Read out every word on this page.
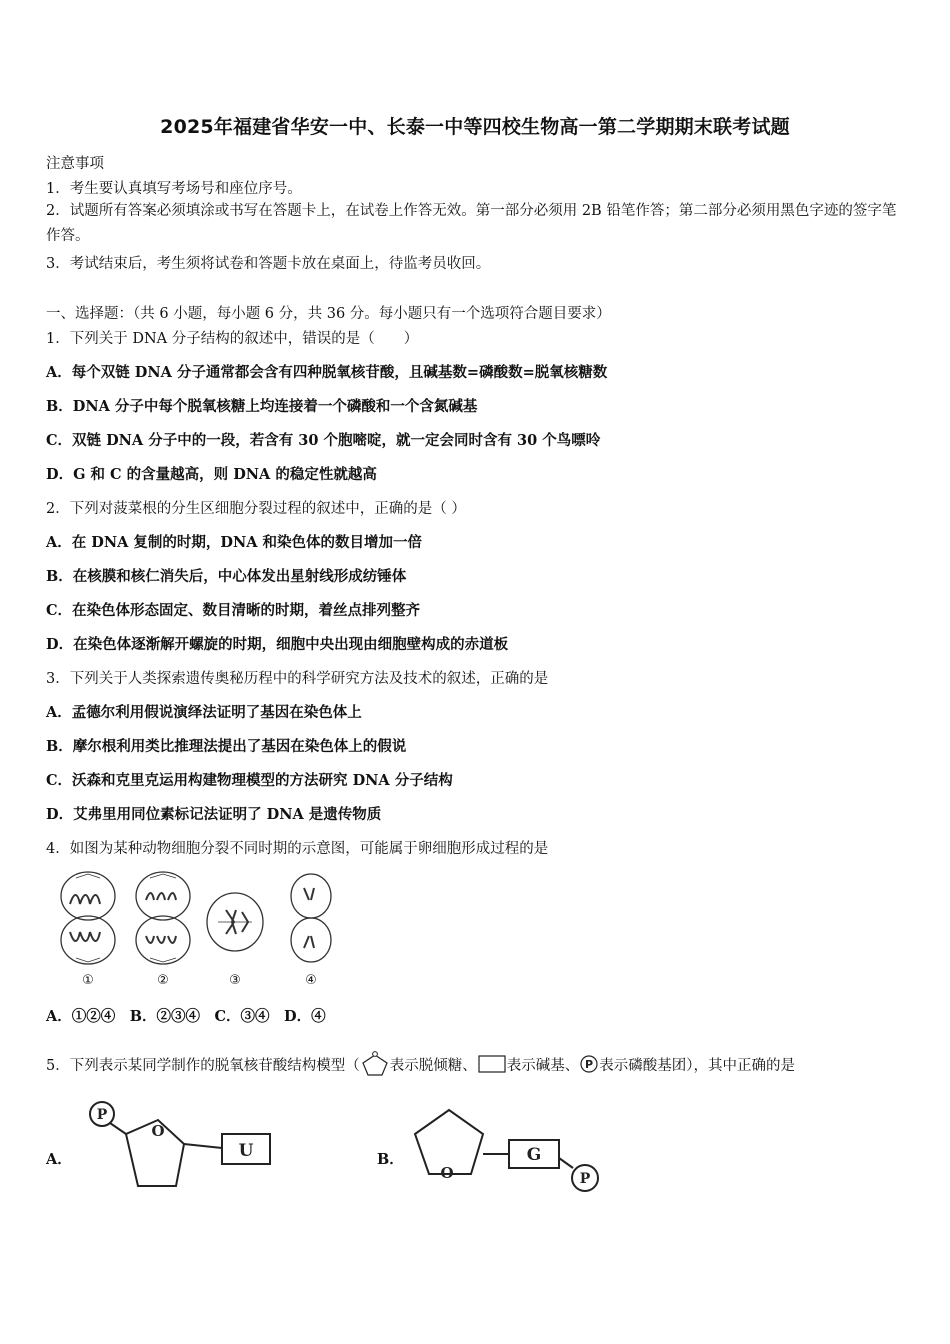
2025年福建省华安一中、长泰一中等四校生物高一第二学期期末联考试题
注意事项
1．考生要认真填写考场号和座位序号。
2．试题所有答案必须填涂或书写在答题卡上，在试卷上作答无效。第一部分必须用 2B 铅笔作答；第二部分必须用黑色字迹的签字笔作答。
3．考试结束后，考生须将试卷和答题卡放在桌面上，待监考员收回。
一、选择题：（共 6 小题，每小题 6 分，共 36 分。每小题只有一个选项符合题目要求）
1．下列关于 DNA 分子结构的叙述中，错误的是（　　）
A．每个双链 DNA 分子通常都会含有四种脱氧核苷酸，且碱基数=磷酸数=脱氧核糖数
B．DNA 分子中每个脱氧核糖上均连接着一个磷酸和一个含氮碱基
C．双链 DNA 分子中的一段，若含有 30 个胞嘧啶，就一定会同时含有 30 个鸟嘌呤
D．G 和 C 的含量越高，则 DNA 的稳定性就越高
2．下列对菠菜根的分生区细胞分裂过程的叙述中，正确的是（ ）
A．在 DNA 复制的时期，DNA 和染色体的数目增加一倍
B．在核膜和核仁消失后，中心体发出星射线形成纺锤体
C．在染色体形态固定、数目清晰的时期，着丝点排列整齐
D．在染色体逐渐解开螺旋的时期，细胞中央出现由细胞壁构成的赤道板
3．下列关于人类探索遗传奥秘历程中的科学研究方法及技术的叙述，正确的是
A．孟德尔利用假说演绎法证明了基因在染色体上
B．摩尔根利用类比推理法提出了基因在染色体上的假说
C．沃森和克里克运用构建物理模型的方法研究 DNA 分子结构
D．艾弗里用同位素标记法证明了 DNA 是遗传物质
4．如图为某种动物细胞分裂不同时期的示意图，可能属于卵细胞形成过程的是
①	②	③	④
A．①②④　B．②③④　C．③④　D．④
5．下列表示某同学制作的脱氧核苷酸结构模型（ 表示脱倾糖、 表示碱基、 P 表示磷酸基团），其中正确的是
A．
P
O
U	B．
O
G
P
